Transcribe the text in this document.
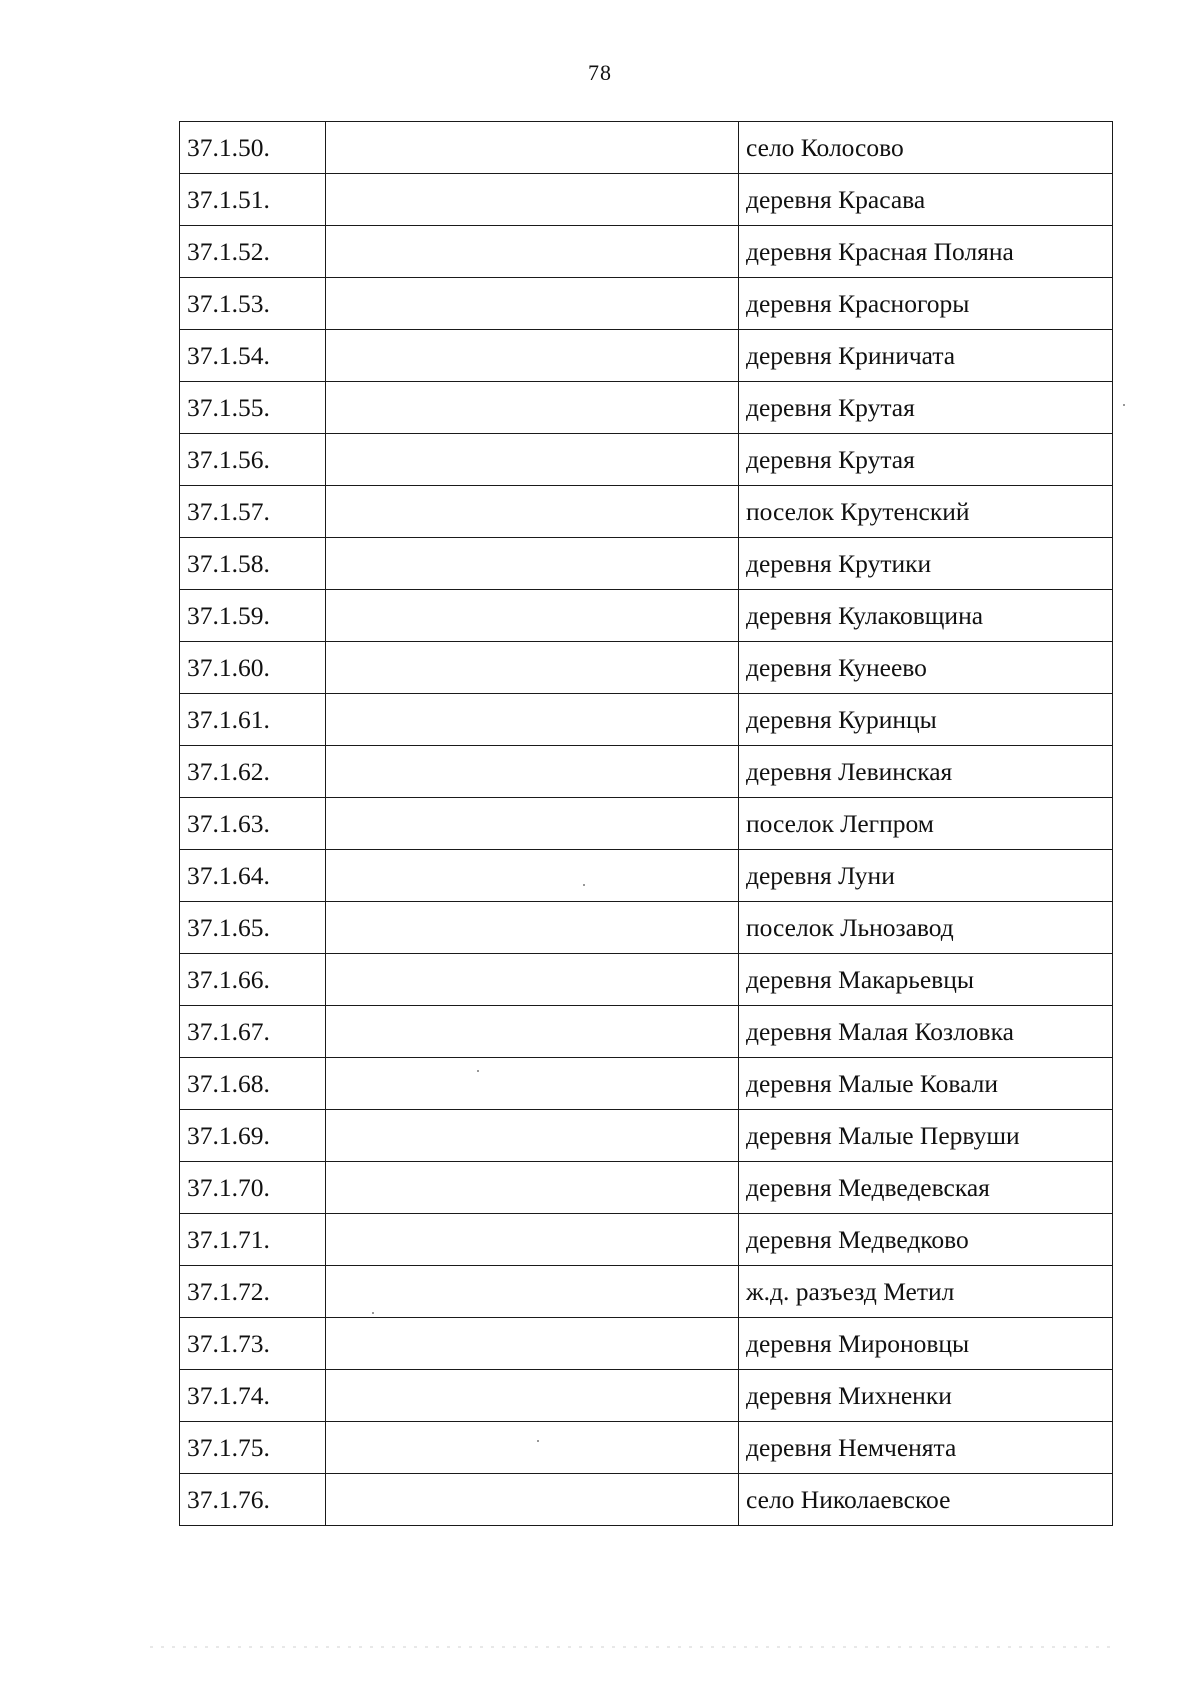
78
37.1.50.		село Колосово
37.1.51.		деревня Красава
37.1.52.		деревня Красная Поляна
37.1.53.		деревня Красногоры
37.1.54.		деревня Криничата
37.1.55.		деревня Крутая
37.1.56.		деревня Крутая
37.1.57.		поселок Крутенский
37.1.58.		деревня Крутики
37.1.59.		деревня Кулаковщина
37.1.60.		деревня Кунеево
37.1.61.		деревня Куринцы
37.1.62.		деревня Левинская
37.1.63.		поселок Легпром
37.1.64.		деревня Луни
37.1.65.		поселок Льнозавод
37.1.66.		деревня Макарьевцы
37.1.67.		деревня Малая Козловка
37.1.68.		деревня Малые Ковали
37.1.69.		деревня Малые Первуши
37.1.70.		деревня Медведевская
37.1.71.		деревня Медведково
37.1.72.		ж.д. разъезд Метил
37.1.73.		деревня Мироновцы
37.1.74.		деревня Михненки
37.1.75.		деревня Немченята
37.1.76.		село Николаевское
